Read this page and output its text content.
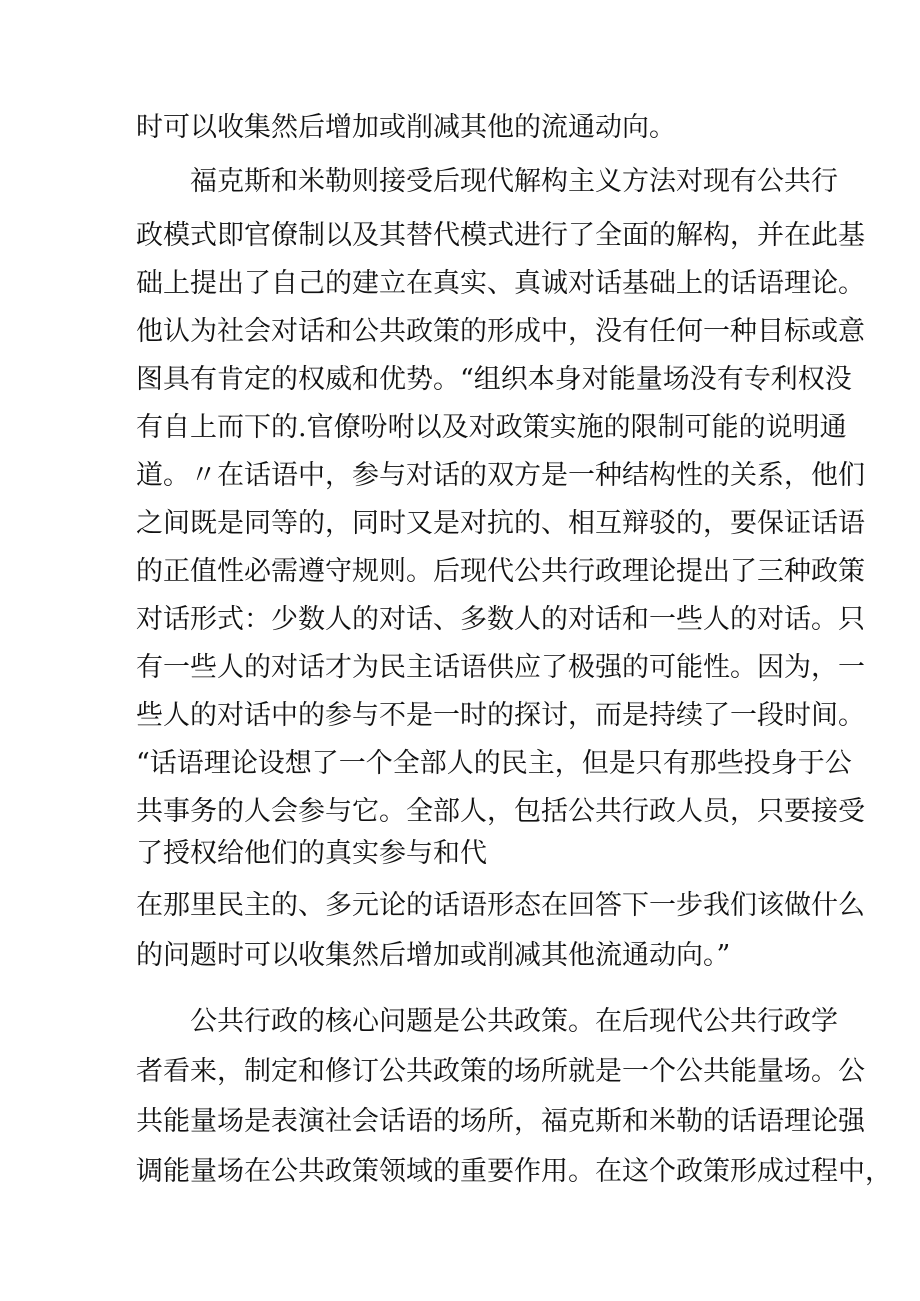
时可以收集然后增加或削减其他的流通动向。

福克斯和米勒则接受后现代解构主义方法对现有公共行

政模式即官僚制以及其替代模式进行了全面的解构，并在此基

础上提出了自己的建立在真实、真诚对话基础上的话语理论。

他认为社会对话和公共政策的形成中，没有任何一种目标或意

图具有肯定的权威和优势。“组织本身对能量场没有专利权没

有自上而下的.官僚吩咐以及对政策实施的限制可能的说明通

道。〃在话语中，参与对话的双方是一种结构性的关系，他们

之间既是同等的，同时又是对抗的、相互辩驳的，要保证话语

的正值性必需遵守规则。后现代公共行政理论提出了三种政策

对话形式：少数人的对话、多数人的对话和一些人的对话。只

有一些人的对话才为民主话语供应了极强的可能性。因为，一

些人的对话中的参与不是一时的探讨，而是持续了一段时间。

“话语理论设想了一个全部人的民主，但是只有那些投身于公

共事务的人会参与它。全部人，包括公共行政人员，只要接受

了授权给他们的真实参与和代

在那里民主的、多元论的话语形态在回答下一步我们该做什么

的问题时可以收集然后增加或削减其他流通动向。”

公共行政的核心问题是公共政策。在后现代公共行政学

者看来，制定和修订公共政策的场所就是一个公共能量场。公

共能量场是表演社会话语的场所，福克斯和米勒的话语理论强

调能量场在公共政策领域的重要作用。在这个政策形成过程中，
